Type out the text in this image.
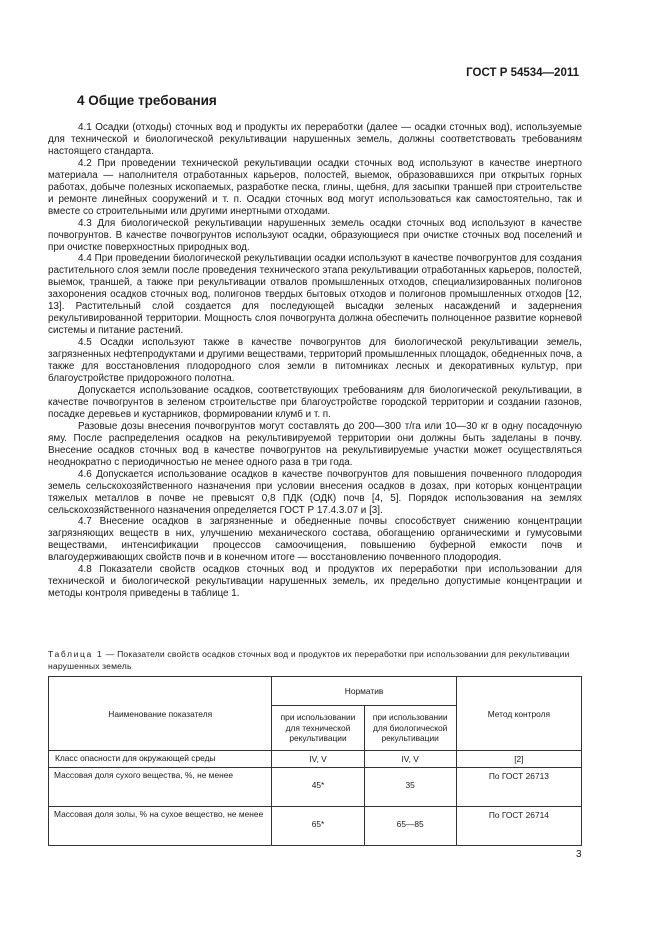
ГОСТ Р 54534—2011
4 Общие требования

4.1 Осадки (отходы) сточных вод и продукты их переработки (далее — осадки сточных вод), используемые для технической и биологической рекультивации нарушенных земель, должны соответствовать требованиям настоящего стандарта.

4.2 При проведении технической рекультивации осадки сточных вод используют в качестве инертного материала — наполнителя отработанных карьеров, полостей, выемок, образовавшихся при открытых горных работах, добыче полезных ископаемых, разработке песка, глины, щебня, для засыпки траншей при строительстве и ремонте линейных сооружений и т. п. Осадки сточных вод могут использоваться как самостоятельно, так и вместе со строительными или другими инертными отходами.

4.3 Для биологической рекультивации нарушенных земель осадки сточных вод используют в качестве почвогрунтов. В качестве почвогрунтов используют осадки, образующиеся при очистке сточных вод поселений и при очистке поверхностных природных вод.

4.4 При проведении биологической рекультивации осадки используют в качестве почвогрунтов для создания растительного слоя земли после проведения технического этапа рекультивации отработанных карьеров, полостей, выемок, траншей, а также при рекультивации отвалов промышленных отходов, специализированных полигонов захоронения осадков сточных вод, полигонов твердых бытовых отходов и полигонов промышленных отходов [12, 13]. Растительный слой создается для последующей высадки зеленых насаждений и задернения рекультивированной территории. Мощность слоя почвогрунта должна обеспечить полноценное развитие корневой системы и питание растений.

4.5 Осадки используют также в качестве почвогрунтов для биологической рекультивации земель, загрязненных нефтепродуктами и другими веществами, территорий промышленных площадок, обедненных почв, а также для восстановления плодородного слоя земли в питомниках лесных и декоративных культур, при благоустройстве придорожного полотна.

Допускается использование осадков, соответствующих требованиям для биологической рекультивации, в качестве почвогрунтов в зеленом строительстве при благоустройстве городской территории и создании газонов, посадке деревьев и кустарников, формировании клумб и т. п.

Разовые дозы внесения почвогрунтов могут составлять до 200—300 т/га или 10—30 кг в одну посадочную яму. После распределения осадков на рекультивируемой территории они должны быть заделаны в почву. Внесение осадков сточных вод в качестве почвогрунтов на рекультивируемые участки может осуществляться неоднократно с периодичностью не менее одного раза в три года.

4.6 Допускается использование осадков в качестве почвогрунтов для повышения почвенного плодородия земель сельскохозяйственного назначения при условии внесения осадков в дозах, при которых концентрации тяжелых металлов в почве не превысят 0,8 ПДК (ОДК) почв [4, 5]. Порядок использования на землях сельскохозяйственного назначения определяется ГОСТ Р 17.4.3.07 и [3].

4.7 Внесение осадков в загрязненные и обедненные почвы способствует снижению концентрации загрязняющих веществ в них, улучшению механического состава, обогащению органическими и гумусовыми веществами, интенсификации процессов самоочищения, повышению буферной емкости почв и влагоудерживающих свойств почв и в конечном итоге — восстановлению почвенного плодородия.

4.8 Показатели свойств осадков сточных вод и продуктов их переработки при использовании для технической и биологической рекультивации нарушенных земель, их предельно допустимые концентрации и методы контроля приведены в таблице 1.

Таблица 1 — Показатели свойств осадков сточных вод и продуктов их переработки при использовании для рекультивации нарушенных земель
Наименование показателя	Норматив		Метод контроля
	при использовании для технической рекультивации	при использовании для биологической рекультивации	
Класс опасности для окружающей среды	IV, V	IV, V	[2]
Массовая доля сухого вещества, %, не менее	45*	35	По ГОСТ 26713
Массовая доля золы, % на сухое вещество, не менее	65*	65—85	По ГОСТ 26714
3
